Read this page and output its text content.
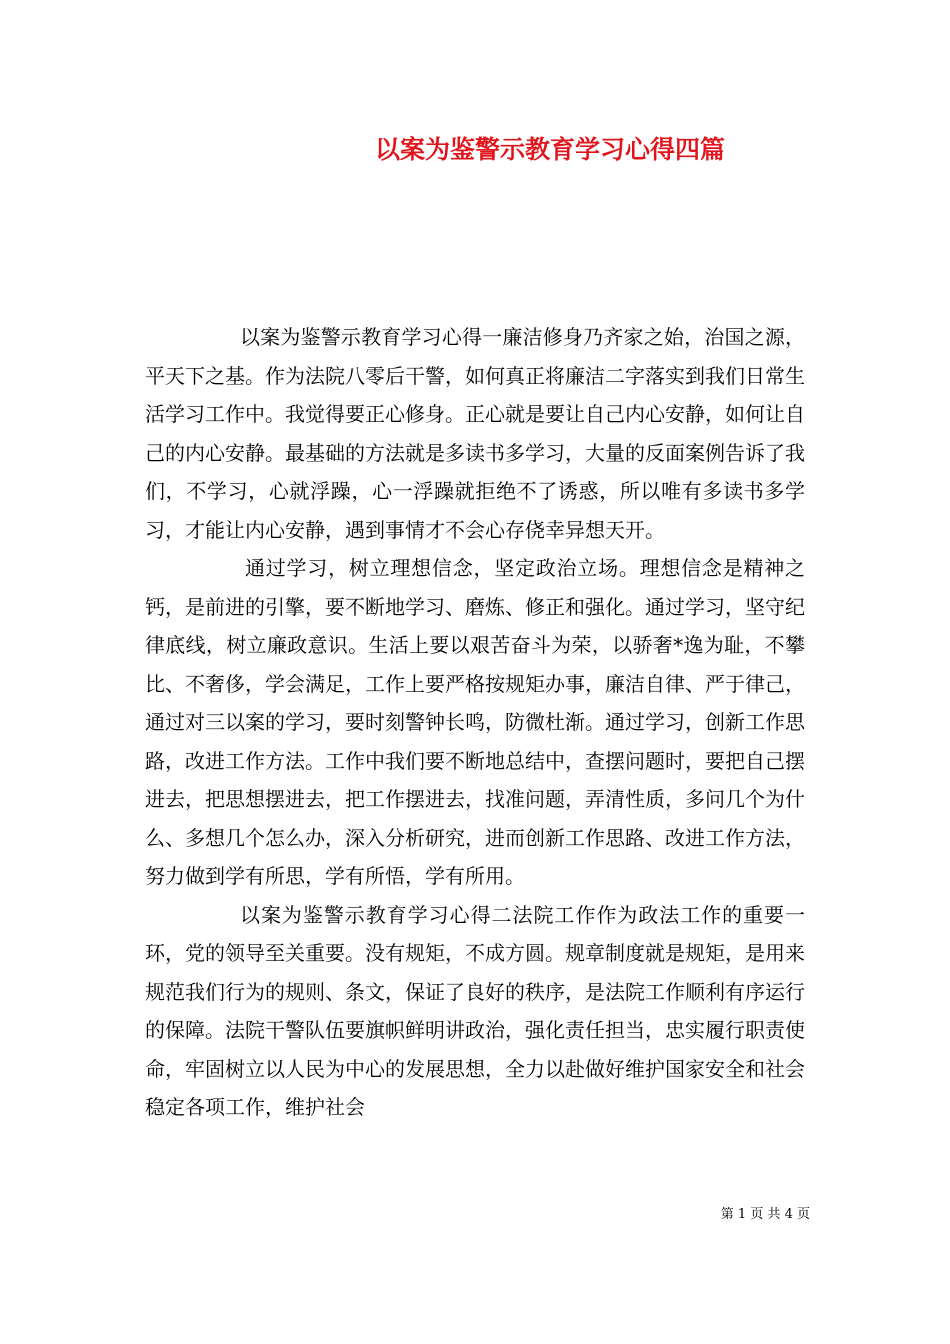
以案为鉴警示教育学习心得四篇

以案为鉴警示教育学习心得一廉洁修身乃齐家之始，治国之源，平天下之基。作为法院八零后干警，如何真正将廉洁二字落实到我们日常生活学习工作中。我觉得要正心修身。正心就是要让自己内心安静，如何让自己的内心安静。最基础的方法就是多读书多学习，大量的反面案例告诉了我们，不学习，心就浮躁，心一浮躁就拒绝不了诱惑，所以唯有多读书多学习，才能让内心安静，遇到事情才不会心存侥幸异想天开。

通过学习，树立理想信念，坚定政治立场。理想信念是精神之钙，是前进的引擎，要不断地学习、磨炼、修正和强化。通过学习，坚守纪律底线，树立廉政意识。生活上要以艰苦奋斗为荣，以骄奢*逸为耻，不攀比、不奢侈，学会满足，工作上要严格按规矩办事，廉洁自律、严于律己，通过对三以案的学习，要时刻警钟长鸣，防微杜渐。通过学习，创新工作思路，改进工作方法。工作中我们要不断地总结中，查摆问题时，要把自己摆进去，把思想摆进去，把工作摆进去，找准问题，弄清性质，多问几个为什么、多想几个怎么办，深入分析研究，进而创新工作思路、改进工作方法，努力做到学有所思，学有所悟，学有所用。

以案为鉴警示教育学习心得二法院工作作为政法工作的重要一环，党的领导至关重要。没有规矩，不成方圆。规章制度就是规矩，是用来规范我们行为的规则、条文，保证了良好的秩序，是法院工作顺利有序运行的保障。法院干警队伍要旗帜鲜明讲政治，强化责任担当，忠实履行职责使命，牢固树立以人民为中心的发展思想，全力以赴做好维护国家安全和社会稳定各项工作，维护社会

第 1 页 共 4 页
